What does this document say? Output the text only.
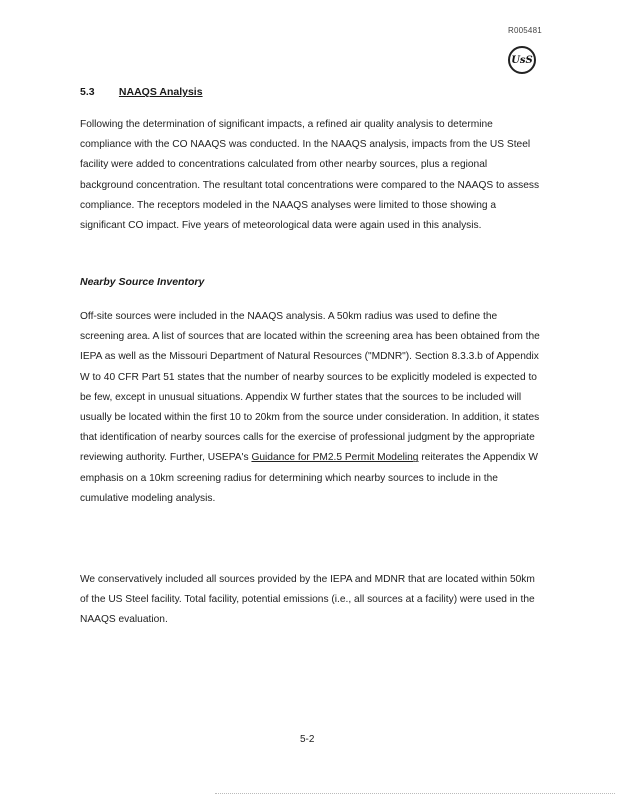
R005481
UsS
5.3 NAAQS Analysis

Following the determination of significant impacts, a refined air quality analysis to determine compliance with the CO NAAQS was conducted. In the NAAQS analysis, impacts from the US Steel facility were added to concentrations calculated from other nearby sources, plus a regional background concentration. The resultant total concentrations were compared to the NAAQS to assess compliance. The receptors modeled in the NAAQS analyses were limited to those showing a significant CO impact. Five years of meteorological data were again used in this analysis.

Nearby Source Inventory

Off-site sources were included in the NAAQS analysis. A 50km radius was used to define the screening area. A list of sources that are located within the screening area has been obtained from the IEPA as well as the Missouri Department of Natural Resources ("MDNR"). Section 8.3.3.b of Appendix W to 40 CFR Part 51 states that the number of nearby sources to be explicitly modeled is expected to be few, except in unusual situations. Appendix W further states that the sources to be included will usually be located within the first 10 to 20km from the source under consideration. In addition, it states that identification of nearby sources calls for the exercise of professional judgment by the appropriate reviewing authority. Further, USEPA's Guidance for PM2.5 Permit Modeling reiterates the Appendix W emphasis on a 10km screening radius for determining which nearby sources to include in the cumulative modeling analysis.

We conservatively included all sources provided by the IEPA and MDNR that are located within 50km of the US Steel facility. Total facility, potential emissions (i.e., all sources at a facility) were used in the NAAQS evaluation.

5-2
